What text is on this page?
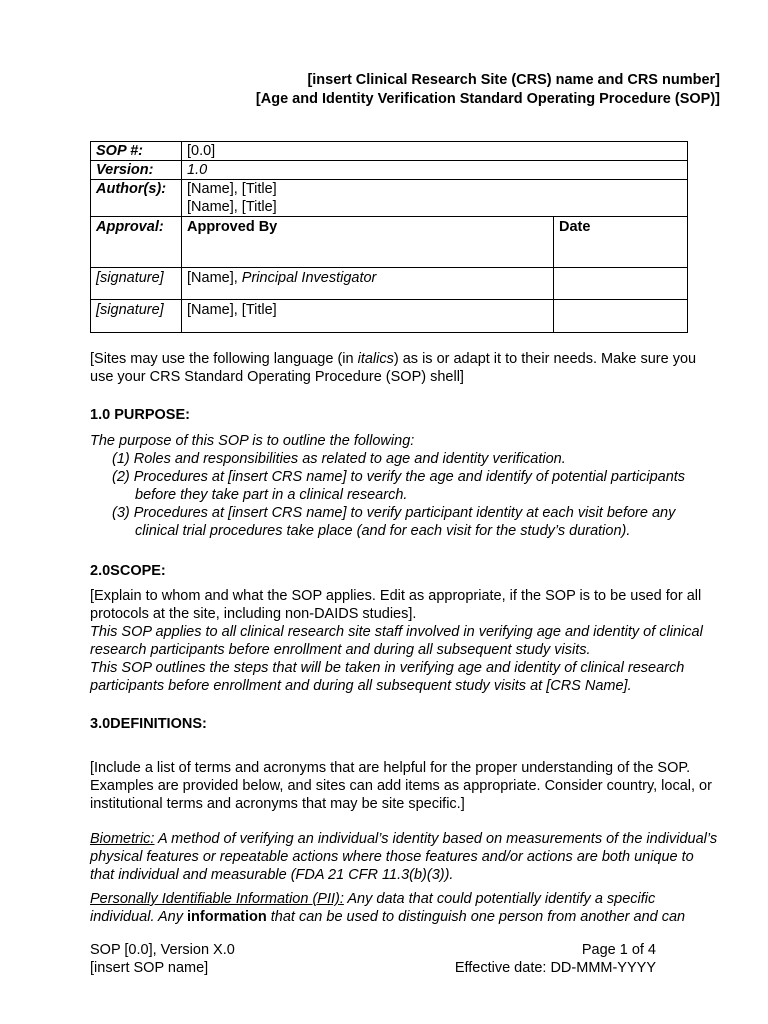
[insert Clinical Research Site (CRS) name and CRS number]
[Age and Identity Verification Standard Operating Procedure (SOP)]
SOP #:	[0.0]	
Version:	1.0	
Author(s):	[Name], [Title]
[Name], [Title]	

Approval:	Approved By	Date
[signature]	[Name], Principal Investigator	
[signature]	[Name], [Title]	

[Sites may use the following language (in italics) as is or adapt it to their needs. Make sure you use your CRS Standard Operating Procedure (SOP) shell]

1.0 PURPOSE:

The purpose of this SOP is to outline the following:

(1) Roles and responsibilities as related to age and identity verification.
(2) Procedures at [insert CRS name] to verify the age and identify of potential participants before they take part in a clinical research.
(3) Procedures at [insert CRS name] to verify participant identity at each visit before any clinical trial procedures take place (and for each visit for the study’s duration).
2.0SCOPE:

[Explain to whom and what the SOP applies. Edit as appropriate, if the SOP is to be used for all protocols at the site, including non-DAIDS studies].

This SOP applies to all clinical research site staff involved in verifying age and identity of clinical research participants before enrollment and during all subsequent study visits.

This SOP outlines the steps that will be taken in verifying age and identity of clinical research participants before enrollment and during all subsequent study visits at [CRS Name].

3.0DEFINITIONS:

[Include a list of terms and acronyms that are helpful for the proper understanding of the SOP. Examples are provided below, and sites can add items as appropriate. Consider country, local, or institutional terms and acronyms that may be site specific.]

Biometric: A method of verifying an individual’s identity based on measurements of the individual’s physical features or repeatable actions where those features and/or actions are both unique to that individual and measurable (FDA 21 CFR 11.3(b)(3)).

Personally Identifiable Information (PII): Any data that could potentially identify a specific individual. Any information that can be used to distinguish one person from another and can

SOP [0.0], Version X.0	Page 1 of 4
[insert SOP name]	Effective date: DD-MMM-YYYY
